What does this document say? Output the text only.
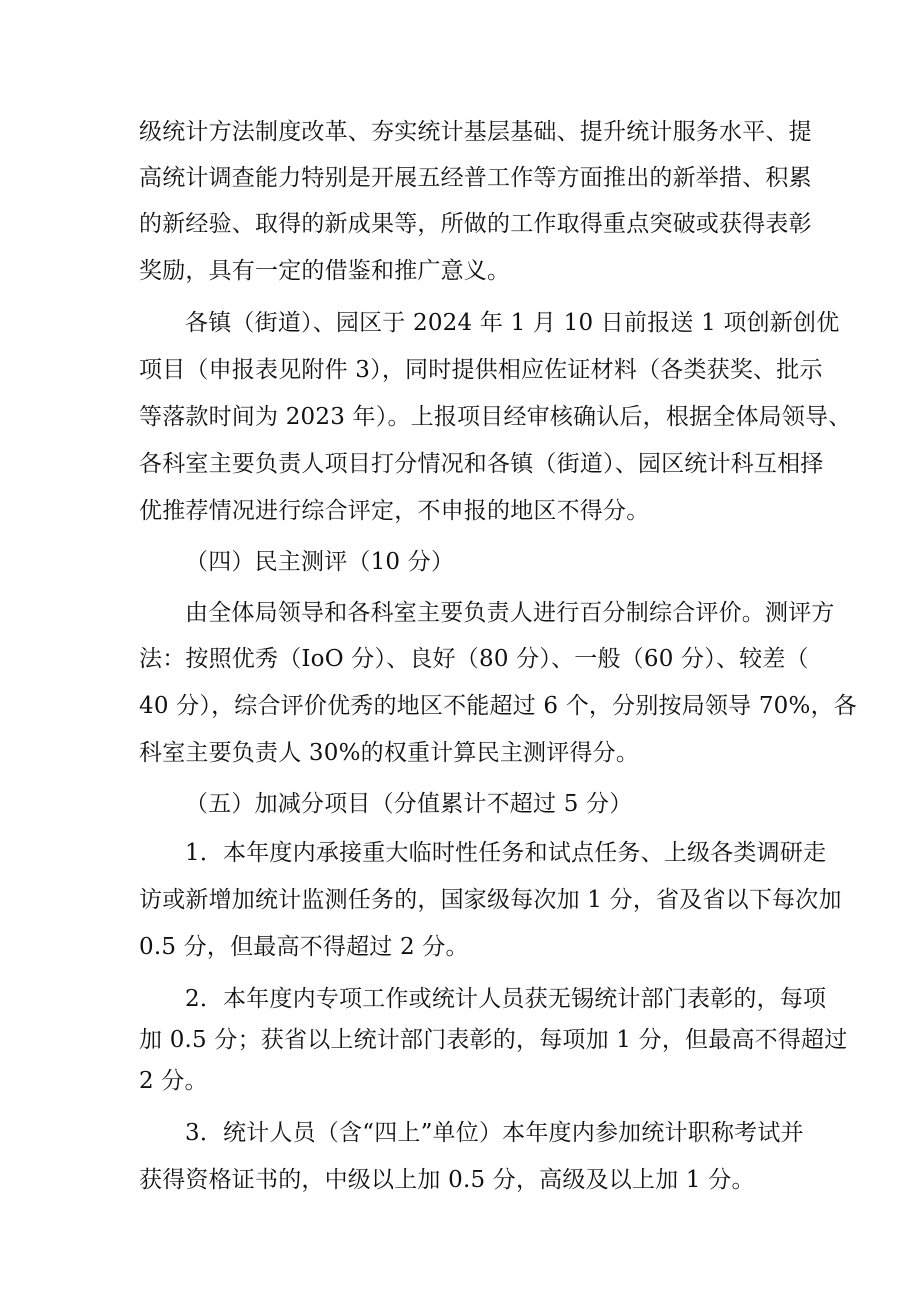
级统计方法制度改革、夯实统计基层基础、提升统计服务水平、提
高统计调查能力特别是开展五经普工作等方面推出的新举措、积累
的新经验、取得的新成果等，所做的工作取得重点突破或获得表彰
奖励，具有一定的借鉴和推广意义。
各镇（街道）、园区于 2024 年 1 月 10 日前报送 1 项创新创优
项目（申报表见附件 3），同时提供相应佐证材料（各类获奖、批示
等落款时间为 2023 年）。上报项目经审核确认后，根据全体局领导、
各科室主要负责人项目打分情况和各镇（街道）、园区统计科互相择
优推荐情况进行综合评定，不申报的地区不得分。
（四）民主测评（10 分）
由全体局领导和各科室主要负责人进行百分制综合评价。测评方
法：按照优秀（IoO 分）、良好（80 分）、一般（60 分）、较差（
40 分），综合评价优秀的地区不能超过 6 个，分别按局领导 70%，各
科室主要负责人 30%的权重计算民主测评得分。
（五）加减分项目（分值累计不超过 5 分）
1．本年度内承接重大临时性任务和试点任务、上级各类调研走
访或新增加统计监测任务的，国家级每次加 1 分，省及省以下每次加
0.5 分，但最高不得超过 2 分。
2．本年度内专项工作或统计人员获无锡统计部门表彰的，每项
加 0.5 分；获省以上统计部门表彰的，每项加 1 分，但最高不得超过
2 分。
3．统计人员（含“四上”单位）本年度内参加统计职称考试并
获得资格证书的，中级以上加 0.5 分，高级及以上加 1 分。
